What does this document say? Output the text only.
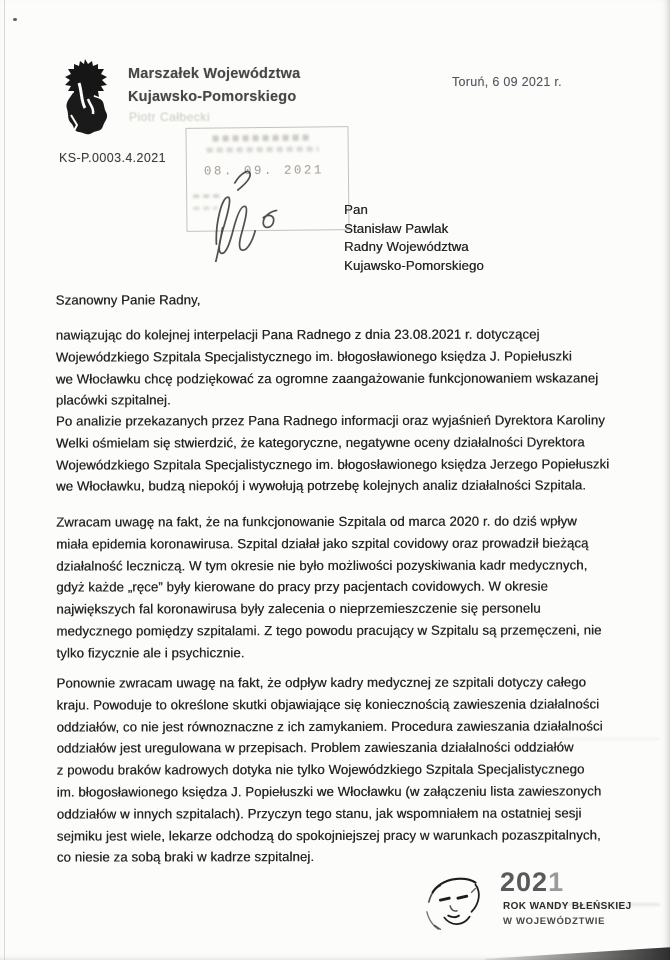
Marszałek Województwa
Kujawsko-Pomorskiego
Piotr Całbecki
Toruń, 6 09 2021 r.
KS-P.0003.4.2021
08. 09. 2021
Pan
Stanisław Pawlak
Radny Województwa
Kujawsko-Pomorskiego
Szanowny Panie Radny,
nawiązując do kolejnej interpelacji Pana Radnego z dnia 23.08.2021 r. dotyczącej
Wojewódzkiego Szpitala Specjalistycznego im. błogosławionego księdza J. Popiełuszki
we Włocławku chcę podziękować za ogromne zaangażowanie funkcjonowaniem wskazanej
placówki szpitalnej.
Po analizie przekazanych przez Pana Radnego informacji oraz wyjaśnień Dyrektora Karoliny
Welki ośmielam się stwierdzić, że kategoryczne, negatywne oceny działalności Dyrektora
Wojewódzkiego Szpitala Specjalistycznego im. błogosławionego księdza Jerzego Popiełuszki
we Włocławku, budzą niepokój i wywołują potrzebę kolejnych analiz działalności Szpitala.
Zwracam uwagę na fakt, że na funkcjonowanie Szpitala od marca 2020 r. do dziś wpływ
miała epidemia koronawirusa. Szpital działał jako szpital covidowy oraz prowadził bieżącą
działalność leczniczą. W tym okresie nie było możliwości pozyskiwania kadr medycznych,
gdyż każde „ręce” były kierowane do pracy przy pacjentach covidowych. W okresie
największych fal koronawirusa były zalecenia o nieprzemieszczenie się personelu
medycznego pomiędzy szpitalami. Z tego powodu pracujący w Szpitalu są przemęczeni, nie
tylko fizycznie ale i psychicznie.
Ponownie zwracam uwagę na fakt, że odpływ kadry medycznej ze szpitali dotyczy całego
kraju. Powoduje to określone skutki objawiające się koniecznością zawieszenia działalności
oddziałów, co nie jest równoznaczne z ich zamykaniem. Procedura zawieszania działalności
oddziałów jest uregulowana w przepisach. Problem zawieszania działalności oddziałów
z powodu braków kadrowych dotyka nie tylko Wojewódzkiego Szpitala Specjalistycznego
im. błogosławionego księdza J. Popiełuszki we Włocławku (w załączeniu lista zawieszonych
oddziałów w innych szpitalach). Przyczyn tego stanu, jak wspomniałem na ostatniej sesji
sejmiku jest wiele, lekarze odchodzą do spokojniejszej pracy w warunkach pozaszpitalnych,
co niesie za sobą braki w kadrze szpitalnej.
2021
ROK WANDY BŁEŃSKIEJ
W WOJEWÓDZTWIE
